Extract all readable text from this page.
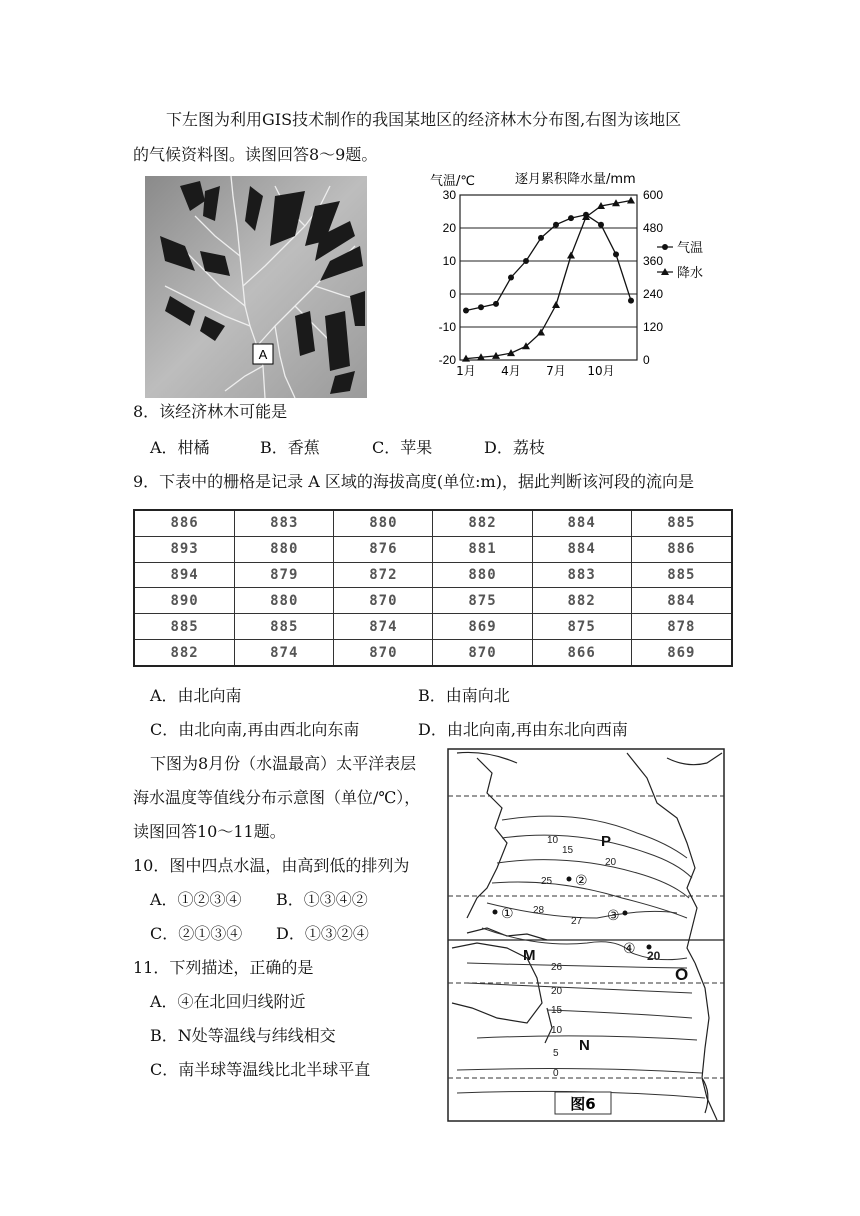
下左图为利用GIS技术制作的我国某地区的经济林木分布图,右图为该地区
的气候资料图。读图回答8～9题。
A
30
20
10
0
-10
-20
600
480
360
240
120
0
气温/℃	逐月累积降水量/mm
1月 4月 7月 10月
气温
降水
8．该经济林木可能是
A．柑橘	B．香蕉	C．苹果	D．荔枝
9．下表中的栅格是记录 A 区域的海拔高度(单位:m)，据此判断该河段的流向是
886	883	880	882	884	885
893	880	876	881	884	886
894	879	872	880	883	885
890	880	870	875	882	884
885	885	874	869	875	878
882	874	870	870	866	869
A．由北向南	B．由南向北
C．由北向南,再由西北向东南	D．由北向南,再由东北向西南
下图为8月份（水温最高）太平洋表层
海水温度等值线分布示意图（单位/℃），
读图回答10～11题。
10．图中四点水温，由高到低的排列为
A．①②③④ B．①③④②
C．②①③④ D．①③②④
11．下列描述，正确的是
A．④在北回归线附近
B．N处等温线与纬线相交
C．南半球等温线比北半球平直
10
15
20
25
28
27
26
20
15
10
5
0
20
P
M
O
N
①
②
③
④
图6
